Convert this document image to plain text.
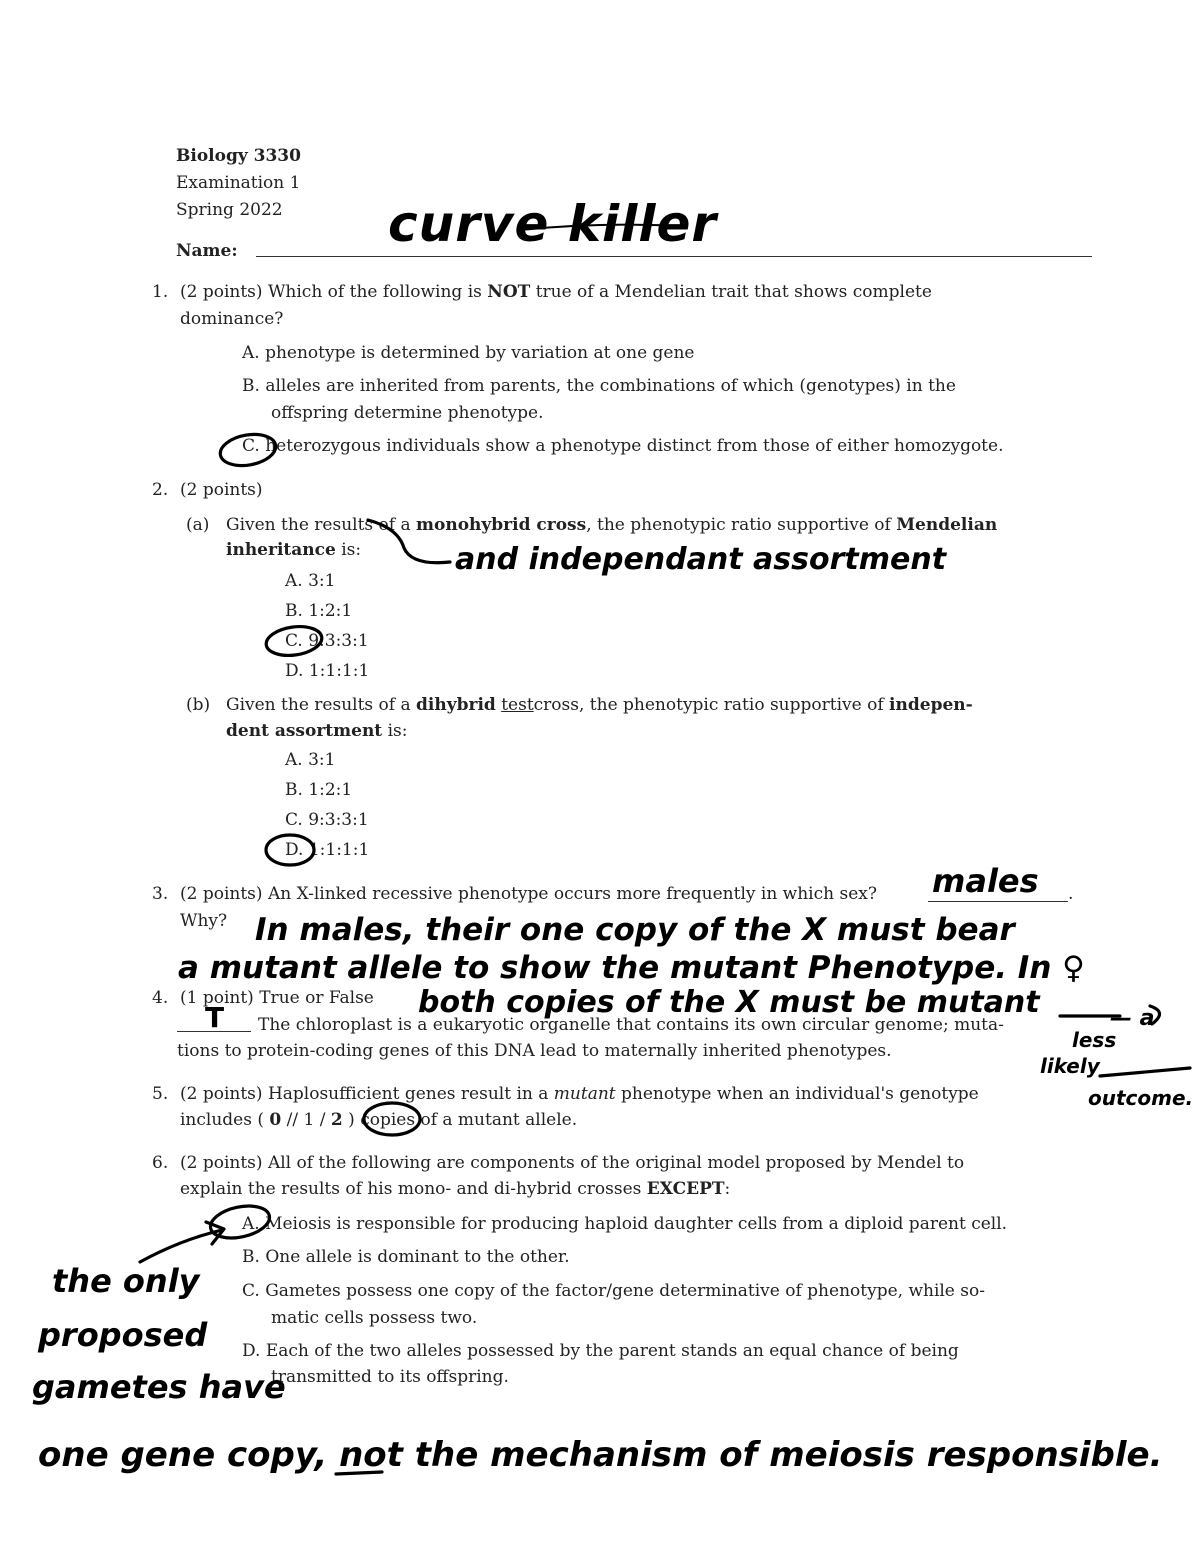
Biology 3330
Examination 1
Spring 2022
Name:	curve killer
1. (2 points) Which of the following is NOT true of a Mendelian trait that shows complete
dominance?
A. phenotype is determined by variation at one gene
B. alleles are inherited from parents, the combinations of which (genotypes) in the
offspring determine phenotype.
C. heterozygous individuals show a phenotype distinct from those of either homozygote.
2. (2 points)
(a) Given the results of a monohybrid cross, the phenotypic ratio supportive of Mendelian
inheritance is:
A. 3:1
B. 1:2:1
C. 9:3:3:1
D. 1:1:1:1
and independant assortment
(b) Given the results of a dihybrid testcross, the phenotypic ratio supportive of indepen-
dent assortment is:
A. 3:1
B. 1:2:1
C. 9:3:3:1
D. 1:1:1:1
3. (2 points) An X-linked recessive phenotype occurs more frequently in which sex?	.
Why?
males
In males, their one copy of the X must bear
a mutant allele to show the mutant Phenotype. In ♀
both copies of the X must be mutant	— a
less
likely
outcome.
4. (1 point) True or False
T The chloroplast is a eukaryotic organelle that contains its own circular genome; muta-
tions to protein-coding genes of this DNA lead to maternally inherited phenotypes.
5. (2 points) Haplosufficient genes result in a mutant phenotype when an individual's genotype
includes ( 0 // 1 / 2 ) copies of a mutant allele.
6. (2 points) All of the following are components of the original model proposed by Mendel to
explain the results of his mono- and di-hybrid crosses EXCEPT:
A. Meiosis is responsible for producing haploid daughter cells from a diploid parent cell.
B. One allele is dominant to the other.
C. Gametes possess one copy of the factor/gene determinative of phenotype, while so-
matic cells possess two.
D. Each of the two alleles possessed by the parent stands an equal chance of being
transmitted to its offspring.
the only
proposed
gametes have
one gene copy, not the mechanism of meiosis responsible.
